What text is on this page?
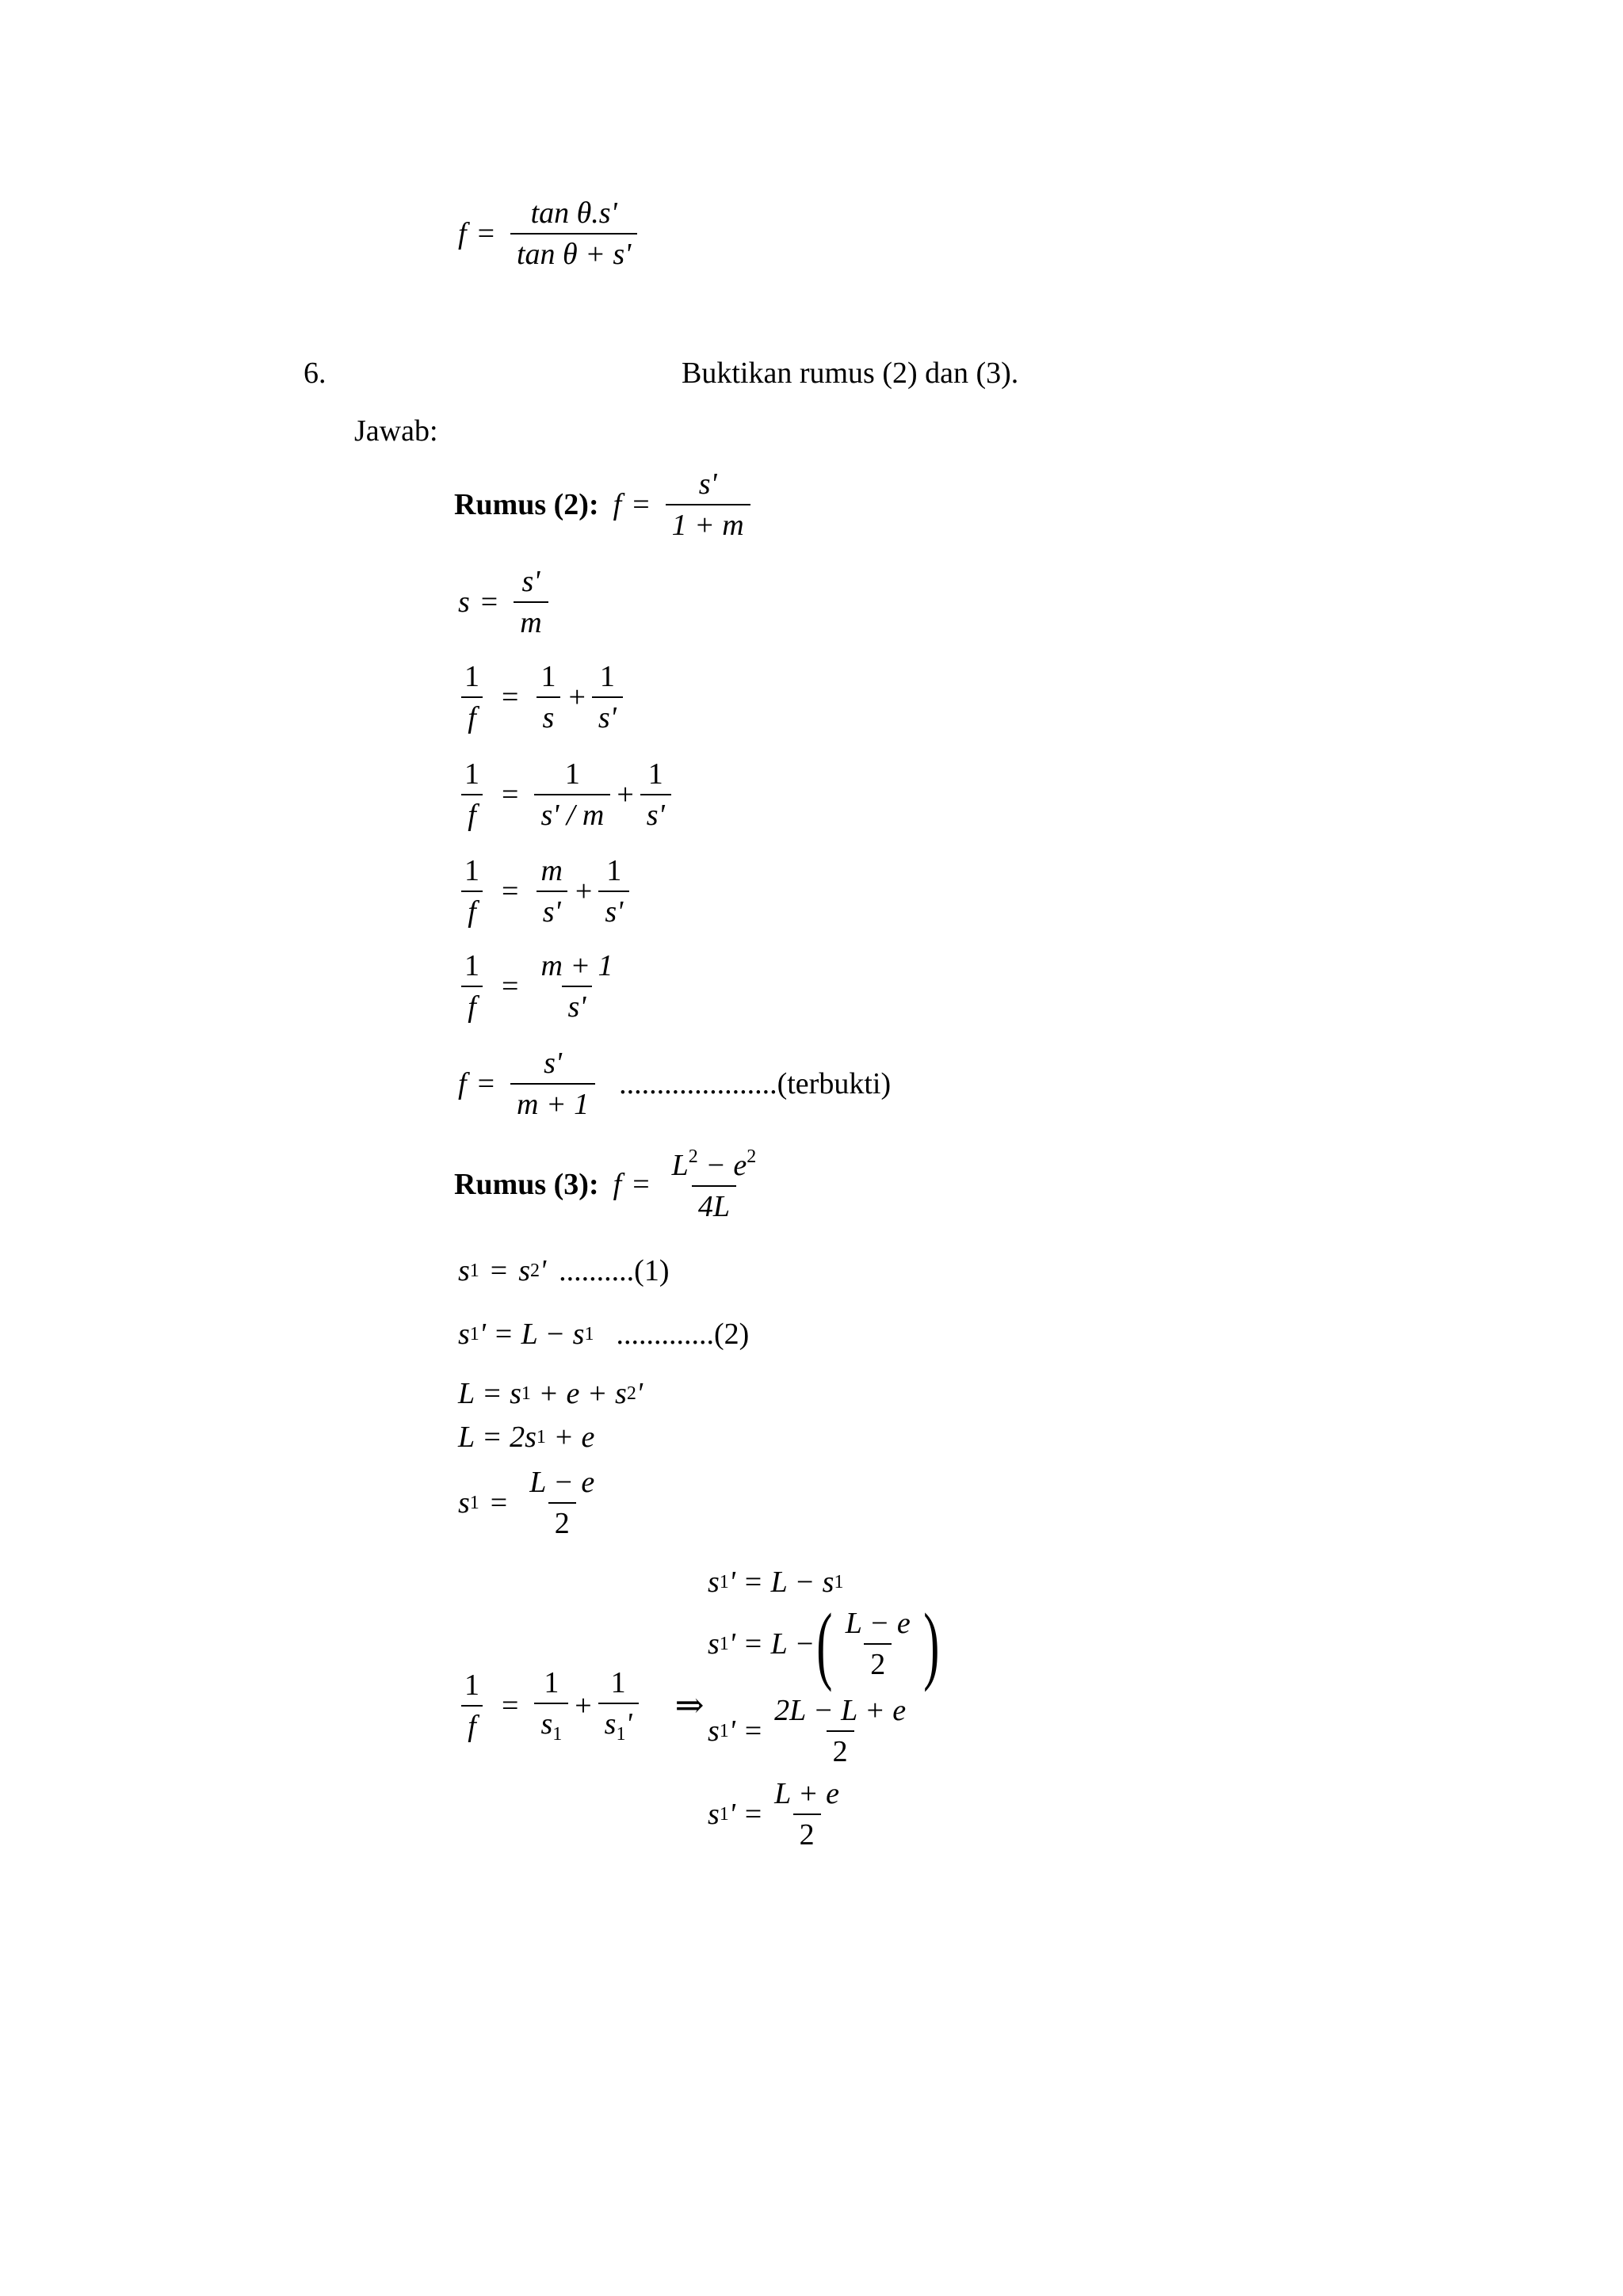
$f = \frac{\text{tan θ.s'}}{\text{tan θ + s'}}$
6.	Buktikan rumus (2) dan (3).
Jawab:
Rumus (2): $f = \frac{s'}{1 + m}$
$s = \frac{s'}{m}$
$\frac{1}{f} = \frac{1}{s} + \frac{1}{s'}$
$\frac{1}{f} = \frac{1}{s' / m} + \frac{1}{s'}$
$\frac{1}{f} = \frac{m}{s'} + \frac{1}{s'}$
$\frac{1}{f} = \frac{m + 1}{s'}$
$f = \frac{s'}{m + 1}$ .....................(terbukti)
Rumus (3): $f = \frac{L^2 - e^2}{4L}$
s 1 = s 2 ' ..........(1)
s 1 ' = L − s 1 .............(2)
L = s 1 + e + s 2 '
L = 2 s 1 + e
s $1 = \frac{L - e}{2}$
$\frac{1}{f} = \frac{1}{s_1} + \frac{1}{s_1'}$ ⇒
s 1 ' = L − s 1
s 1 ' = L − ( $\frac{L - e}{2}$ )
s 1 ' = $\frac{2L - L + e}{2}$
s 1 ' = $\frac{L + e}{2}$
